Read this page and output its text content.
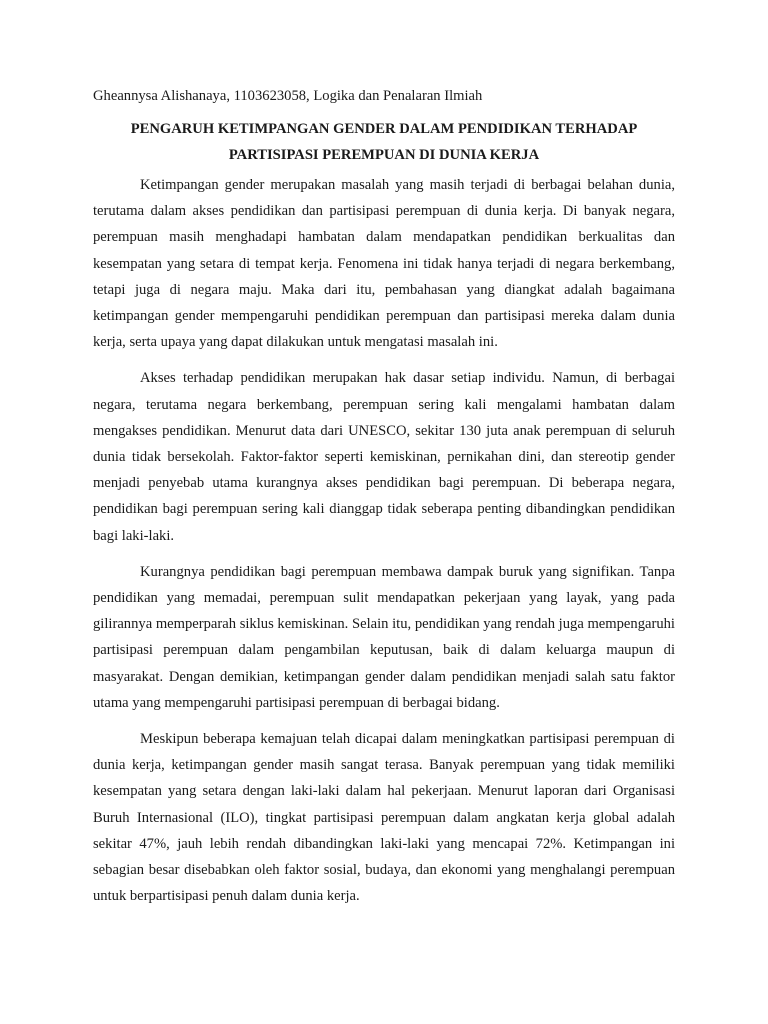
Gheannysa Alishanaya, 1103623058, Logika dan Penalaran Ilmiah

PENGARUH KETIMPANGAN GENDER DALAM PENDIDIKAN TERHADAP
PARTISIPASI PEREMPUAN DI DUNIA KERJA

Ketimpangan gender merupakan masalah yang masih terjadi di berbagai belahan dunia, terutama dalam akses pendidikan dan partisipasi perempuan di dunia kerja. Di banyak negara, perempuan masih menghadapi hambatan dalam mendapatkan pendidikan berkualitas dan kesempatan yang setara di tempat kerja. Fenomena ini tidak hanya terjadi di negara berkembang, tetapi juga di negara maju. Maka dari itu, pembahasan yang diangkat adalah bagaimana ketimpangan gender mempengaruhi pendidikan perempuan dan partisipasi mereka dalam dunia kerja, serta upaya yang dapat dilakukan untuk mengatasi masalah ini.

Akses terhadap pendidikan merupakan hak dasar setiap individu. Namun, di berbagai negara, terutama negara berkembang, perempuan sering kali mengalami hambatan dalam mengakses pendidikan. Menurut data dari UNESCO, sekitar 130 juta anak perempuan di seluruh dunia tidak bersekolah. Faktor-faktor seperti kemiskinan, pernikahan dini, dan stereotip gender menjadi penyebab utama kurangnya akses pendidikan bagi perempuan. Di beberapa negara, pendidikan bagi perempuan sering kali dianggap tidak seberapa penting dibandingkan pendidikan bagi laki-laki.

Kurangnya pendidikan bagi perempuan membawa dampak buruk yang signifikan. Tanpa pendidikan yang memadai, perempuan sulit mendapatkan pekerjaan yang layak, yang pada gilirannya memperparah siklus kemiskinan. Selain itu, pendidikan yang rendah juga mempengaruhi partisipasi perempuan dalam pengambilan keputusan, baik di dalam keluarga maupun di masyarakat. Dengan demikian, ketimpangan gender dalam pendidikan menjadi salah satu faktor utama yang mempengaruhi partisipasi perempuan di berbagai bidang.

Meskipun beberapa kemajuan telah dicapai dalam meningkatkan partisipasi perempuan di dunia kerja, ketimpangan gender masih sangat terasa. Banyak perempuan yang tidak memiliki kesempatan yang setara dengan laki-laki dalam hal pekerjaan. Menurut laporan dari Organisasi Buruh Internasional (ILO), tingkat partisipasi perempuan dalam angkatan kerja global adalah sekitar 47%, jauh lebih rendah dibandingkan laki-laki yang mencapai 72%. Ketimpangan ini sebagian besar disebabkan oleh faktor sosial, budaya, dan ekonomi yang menghalangi perempuan untuk berpartisipasi penuh dalam dunia kerja.
